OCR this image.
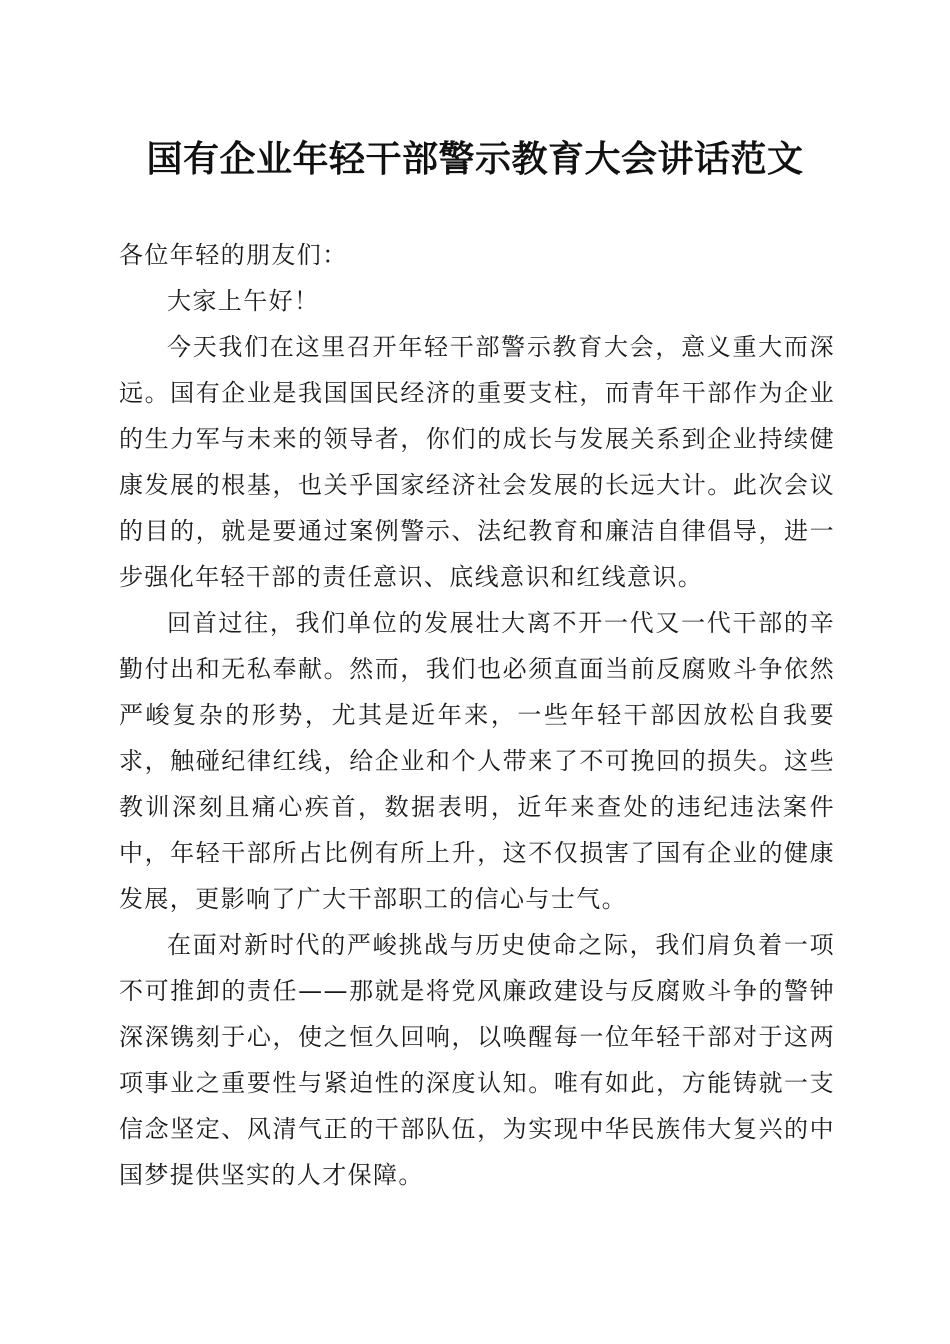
国有企业年轻干部警示教育大会讲话范文

各位年轻的朋友们：

大家上午好！

今天我们在这里召开年轻干部警示教育大会，意义重大而深远。国有企业是我国国民经济的重要支柱，而青年干部作为企业的生力军与未来的领导者，你们的成长与发展关系到企业持续健康发展的根基，也关乎国家经济社会发展的长远大计。此次会议的目的，就是要通过案例警示、法纪教育和廉洁自律倡导，进一步强化年轻干部的责任意识、底线意识和红线意识。

回首过往，我们单位的发展壮大离不开一代又一代干部的辛勤付出和无私奉献。然而，我们也必须直面当前反腐败斗争依然严峻复杂的形势，尤其是近年来，一些年轻干部因放松自我要求，触碰纪律红线，给企业和个人带来了不可挽回的损失。这些教训深刻且痛心疾首，数据表明，近年来查处的违纪违法案件中，年轻干部所占比例有所上升，这不仅损害了国有企业的健康发展，更影响了广大干部职工的信心与士气。

在面对新时代的严峻挑战与历史使命之际，我们肩负着一项不可推卸的责任——那就是将党风廉政建设与反腐败斗争的警钟深深镌刻于心，使之恒久回响，以唤醒每一位年轻干部对于这两项事业之重要性与紧迫性的深度认知。唯有如此，方能铸就一支信念坚定、风清气正的干部队伍，为实现中华民族伟大复兴的中国梦提供坚实的人才保障。
